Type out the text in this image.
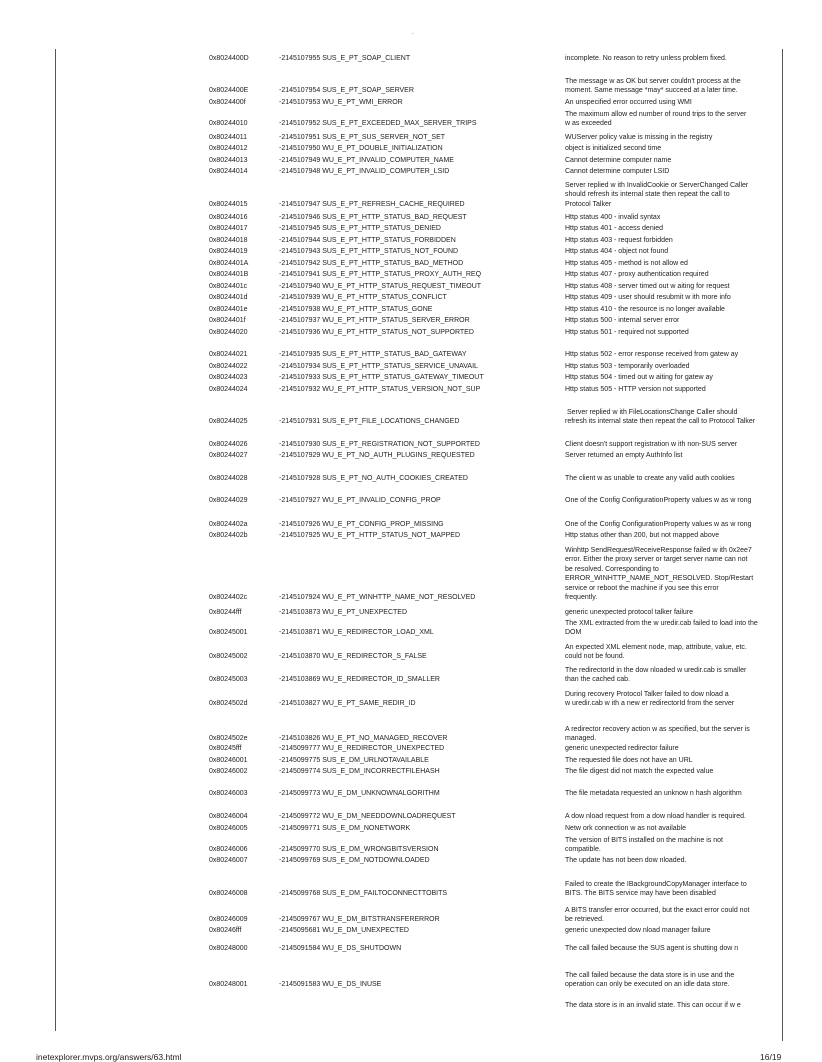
.
0x8024400D	-2145107955 SUS_E_PT_SOAP_CLIENT	incomplete. No reason to retry unless problem fixed.
0x8024400E	-2145107954 SUS_E_PT_SOAP_SERVER
The message w as OK but server couldn't process at the
moment. Same message *may* succeed at a later time.
0x8024400f	-2145107953 WU_E_PT_WMI_ERROR	An unspecified error occurred using WMI
0x80244010	-2145107952 SUS_E_PT_EXCEEDED_MAX_SERVER_TRIPS
The maximum allow ed number of round trips to the server
w as exceeded
0x80244011	-2145107951 SUS_E_PT_SUS_SERVER_NOT_SET	WUServer policy value is missing in the registry
0x80244012	-2145107950 WU_E_PT_DOUBLE_INITIALIZATION	object is initialized second time
0x80244013	-2145107949 WU_E_PT_INVALID_COMPUTER_NAME	Cannot determine computer name
0x80244014	-2145107948 WU_E_PT_INVALID_COMPUTER_LSID	Cannot determine computer LSID
0x80244015	-2145107947 SUS_E_PT_REFRESH_CACHE_REQUIRED
Server replied w ith InvalidCookie or ServerChanged Caller
should refresh its internal state then repeat the call to
Protocol Talker
0x80244016	-2145107946 SUS_E_PT_HTTP_STATUS_BAD_REQUEST	Http status 400 - invalid syntax
0x80244017	-2145107945 SUS_E_PT_HTTP_STATUS_DENIED	Http status 401 - access denied
0x80244018	-2145107944 SUS_E_PT_HTTP_STATUS_FORBIDDEN	Http status 403 - request forbidden
0x80244019	-2145107943 SUS_E_PT_HTTP_STATUS_NOT_FOUND	Http status 404 - object not found
0x8024401A	-2145107942 SUS_E_PT_HTTP_STATUS_BAD_METHOD	Http status 405 - method is not allow ed
0x8024401B	-2145107941 SUS_E_PT_HTTP_STATUS_PROXY_AUTH_REQ	Http status 407 - proxy authentication required
0x8024401c	-2145107940 WU_E_PT_HTTP_STATUS_REQUEST_TIMEOUT	Http status 408 - server timed out w aiting for request
0x8024401d	-2145107939 WU_E_PT_HTTP_STATUS_CONFLICT	Http status 409 - user should resubmit w ith more info
0x8024401e	-2145107938 WU_E_PT_HTTP_STATUS_GONE	Http status 410 - the resource is no longer available
0x8024401f	-2145107937 WU_E_PT_HTTP_STATUS_SERVER_ERROR	Http status 500 - internal server error
0x80244020	-2145107936 WU_E_PT_HTTP_STATUS_NOT_SUPPORTED	Http status 501 - required not supported
0x80244021	-2145107935 SUS_E_PT_HTTP_STATUS_BAD_GATEWAY	Http status 502 - error response received from gatew ay
0x80244022	-2145107934 SUS_E_PT_HTTP_STATUS_SERVICE_UNAVAIL	Http status 503 - temporarily overloaded
0x80244023	-2145107933 SUS_E_PT_HTTP_STATUS_GATEWAY_TIMEOUT	Http status 504 - timed out w aiting for gatew ay
0x80244024	-2145107932 WU_E_PT_HTTP_STATUS_VERSION_NOT_SUP	Http status 505 - HTTP version not supported
0x80244025	-2145107931 SUS_E_PT_FILE_LOCATIONS_CHANGED
Server replied w ith FileLocationsChange Caller should
refresh its internal state then repeat the call to Protocol Talker
0x80244026	-2145107930 SUS_E_PT_REGISTRATION_NOT_SUPPORTED	Client doesn't support registration w ith non-SUS server
0x80244027	-2145107929 WU_E_PT_NO_AUTH_PLUGINS_REQUESTED	Server returned an empty AuthInfo list
0x80244028	-2145107928 SUS_E_PT_NO_AUTH_COOKIES_CREATED	The client w as unable to create any valid auth cookies
0x80244029	-2145107927 WU_E_PT_INVALID_CONFIG_PROP	One of the Config ConfigurationProperty values w as w rong
0x8024402a	-2145107926 WU_E_PT_CONFIG_PROP_MISSING	One of the Config ConfigurationProperty values w as w rong
0x8024402b	-2145107925 WU_E_PT_HTTP_STATUS_NOT_MAPPED	Http status other than 200, but not mapped above
0x8024402c	-2145107924 WU_E_PT_WINHTTP_NAME_NOT_RESOLVED
Winhttp SendRequest/ReceiveResponse failed w ith 0x2ee7
error. Either the proxy server or target server name can not
be resolved. Corresponding to
ERROR_WINHTTP_NAME_NOT_RESOLVED. Stop/Restart
service or reboot the machine if you see this error
frequently.
0x80244fff	-2145103873 WU_E_PT_UNEXPECTED	generic unexpected protocol talker failure
0x80245001	-2145103871 WU_E_REDIRECTOR_LOAD_XML
The XML extracted from the w uredir.cab failed to load into the
DOM
0x80245002	-2145103870 WU_E_REDIRECTOR_S_FALSE
An expected XML element node, map, attribute, value, etc.
could not be found.
0x80245003	-2145103869 WU_E_REDIRECTOR_ID_SMALLER
The redirectorId in the dow nloaded w uredir.cab is smaller
than the cached cab.
0x8024502d	-2145103827 WU_E_PT_SAME_REDIR_ID
During recovery Protocol Talker failed to dow nload a
w uredir.cab w ith a new er redirectorId from the server
0x8024502e	-2145103826 WU_E_PT_NO_MANAGED_RECOVER
A redirector recovery action w as specified, but the server is
managed.
0x80245fff	-2145099777 WU_E_REDIRECTOR_UNEXPECTED	generic unexpected redirector failure
0x80246001	-2145099775 SUS_E_DM_URLNOTAVAILABLE	The requested file does not have an URL
0x80246002	-2145099774 SUS_E_DM_INCORRECTFILEHASH	The file digest did not match the expected value
0x80246003	-2145099773 WU_E_DM_UNKNOWNALGORITHM	The file metadata requested an unknow n hash algorithm
0x80246004	-2145099772 WU_E_DM_NEEDDOWNLOADREQUEST	A dow nload request from a dow nload handler is required.
0x80246005	-2145099771 SUS_E_DM_NONETWORK	Netw ork connection w as not available
0x80246006	-2145099770 SUS_E_DM_WRONGBITSVERSION
The version of BITS installed on the machine is not
compatible.
0x80246007	-2145099769 SUS_E_DM_NOTDOWNLOADED	The update has not been dow nloaded.
0x80246008	-2145099768 SUS_E_DM_FAILTOCONNECTTOBITS
Failed to create the IBackgroundCopyManager interface to
BITS. The BITS service may have been disabled
0x80246009	-2145099767 WU_E_DM_BITSTRANSFERERROR
A BITS transfer error occurred, but the exact error could not
be retrieved.
0x80246fff	-2145095681 WU_E_DM_UNEXPECTED	generic unexpected dow nload manager failure
0x80248000	-2145091584 WU_E_DS_SHUTDOWN	The call failed because the SUS agent is shutting dow n
0x80248001	-2145091583 WU_E_DS_INUSE
The call failed because the data store is in use and the
operation can only be executed on an idle data store.
The data store is in an invalid state. This can occur if w e
inetexplorer.mvps.org/answers/63.html	16/19
